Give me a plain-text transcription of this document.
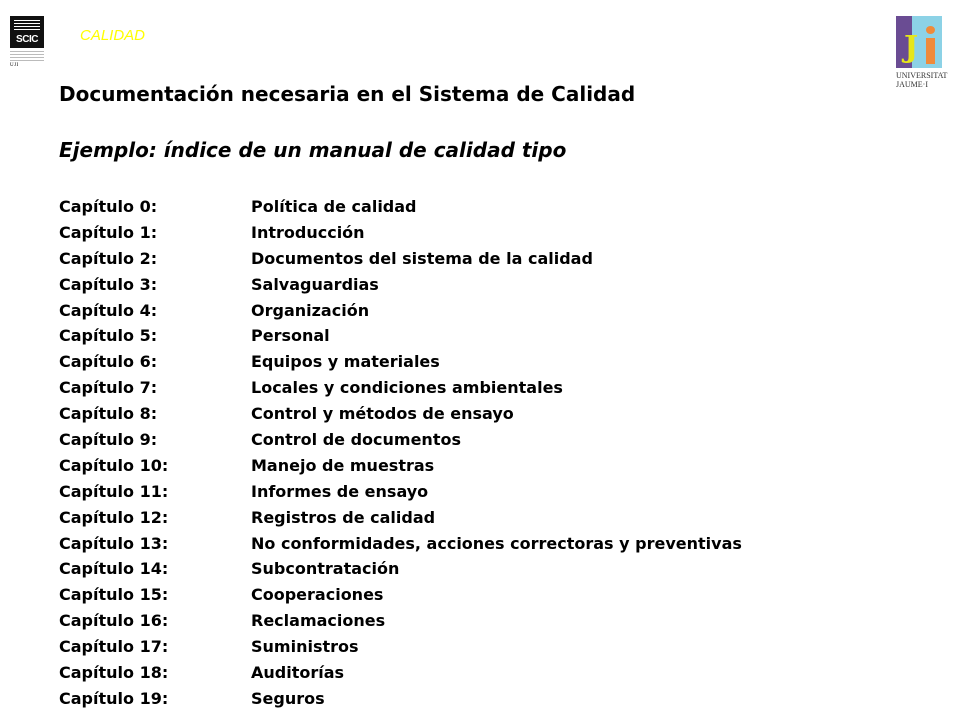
SCIC
UJI
CALIDAD	J
UNIVERSITAT
JAUME·I
Documentación necesaria en el Sistema de Calidad
Ejemplo: índice de un manual de calidad tipo
Capítulo 0:	Política de calidad
Capítulo 1:	Introducción
Capítulo 2:	Documentos del sistema de la calidad
Capítulo 3:	Salvaguardias
Capítulo 4:	Organización
Capítulo 5:	Personal
Capítulo 6:	Equipos y materiales
Capítulo 7:	Locales y condiciones ambientales
Capítulo 8:	Control y métodos de ensayo
Capítulo 9:	Control de documentos
Capítulo 10:	Manejo de muestras
Capítulo 11:	Informes de ensayo
Capítulo 12:	Registros de calidad
Capítulo 13:	No conformidades, acciones correctoras y preventivas
Capítulo 14:	Subcontratación
Capítulo 15:	Cooperaciones
Capítulo 16:	Reclamaciones
Capítulo 17:	Suministros
Capítulo 18:	Auditorías
Capítulo 19:	Seguros
